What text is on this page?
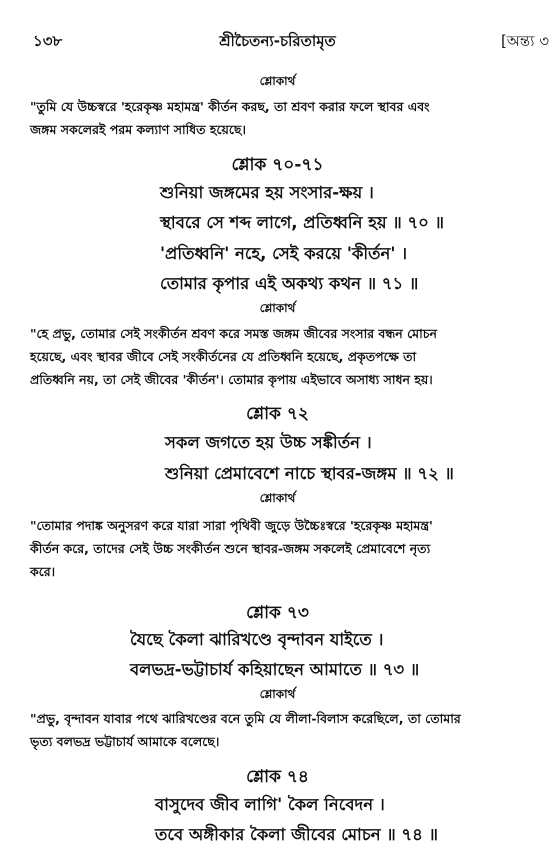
১৩৮	শ্রীচৈতন্য-চরিতামৃত	[অন্ত্য ৩
শ্লোকার্থ
"তুমি যে উচ্চস্বরে 'হরেকৃষ্ণ মহামন্ত্র' কীর্তন করছ, তা শ্রবণ করার ফলে স্থাবর এবং
জঙ্গম সকলেরই পরম কল্যাণ সাধিত হয়েছে।
শ্লোক ৭০-৭১
শুনিয়া জঙ্গমের হয় সংসার-ক্ষয় ।
স্থাবরে সে শব্দ লাগে, প্রতিধ্বনি হয় ॥ ৭০ ॥
'প্রতিধ্বনি' নহে, সেই করয়ে 'কীর্তন' ।
তোমার কৃপার এই অকথ্য কথন ॥ ৭১ ॥
শ্লোকার্থ
"হে প্রভু, তোমার সেই সংকীর্তন শ্রবণ করে সমস্ত জঙ্গম জীবের সংসার বন্ধন মোচন
হয়েছে, এবং স্থাবর জীবে সেই সংকীর্তনের যে প্রতিধ্বনি হয়েছে, প্রকৃতপক্ষে তা
প্রতিধ্বনি নয়, তা সেই জীবের 'কীর্তন'। তোমার কৃপায় এইভাবে অসাধ্য সাধন হয়।
শ্লোক ৭২
সকল জগতে হয় উচ্চ সঙ্কীর্তন ।
শুনিয়া প্রেমাবেশে নাচে স্থাবর-জঙ্গম ॥ ৭২ ॥
শ্লোকার্থ
"তোমার পদাঙ্ক অনুসরণ করে যারা সারা পৃথিবী জুড়ে উচ্চৈঃস্বরে 'হরেকৃষ্ণ মহামন্ত্র'
কীর্তন করে, তাদের সেই উচ্চ সংকীর্তন শুনে স্থাবর-জঙ্গম সকলেই প্রেমাবেশে নৃত্য
করে।
শ্লোক ৭৩
যৈছে কৈলা ঝারিখণ্ডে বৃন্দাবন যাইতে ।
বলভদ্র-ভট্টাচার্য কহিয়াছেন আমাতে ॥ ৭৩ ॥
শ্লোকার্থ
"প্রভু, বৃন্দাবন যাবার পথে ঝারিখণ্ডের বনে তুমি যে লীলা-বিলাস করেছিলে, তা তোমার
ভৃত্য বলভদ্র ভট্টাচার্য আমাকে বলেছে।
শ্লোক ৭৪
বাসুদেব জীব লাগি' কৈল নিবেদন ।
তবে অঙ্গীকার কৈলা জীবের মোচন ॥ ৭৪ ॥
